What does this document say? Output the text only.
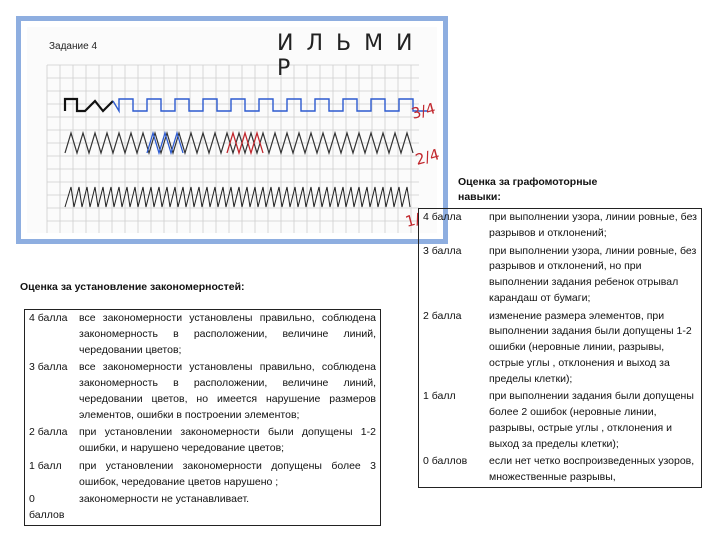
3/4
2/4
1/
Задание 4	И Л Ь М И Р
Оценка за установление закономерностей:
4 балла	все закономерности установлены правильно, соблюдена закономерность в расположении, величине линий, чередовании цветов;
3 балла	все закономерности установлены правильно, соблюдена закономерность в расположении, величине линий, чередовании цветов, но имеется нарушение размеров элементов, ошибки в построении элементов;
2 балла	при установлении закономерности были допущены 1-2 ошибки, и нарушено чередование цветов;
1 балл	при установлении закономерности допущены более 3 ошибок, чередование цветов нарушено ;
0 баллов	закономерности не устанавливает.
Оценка за графомоторные
навыки:
4 балла	при выполнении узора, линии ровные, без разрывов и отклонений;
3 балла	при выполнении узора, линии ровные, без разрывов и отклонений, но при выполнении задания ребенок отрывал карандаш от бумаги;
2 балла	изменение размера элементов, при выполнении задания были допущены 1-2 ошибки (неровные линии, разрывы, острые углы , отклонения и выход за пределы клетки);
1 балл	при выполнении задания были допущены более 2 ошибок (неровные линии, разрывы, острые углы , отклонения и выход за пределы клетки);
0 баллов	если нет четко воспроизведенных узоров, множественные разрывы,
